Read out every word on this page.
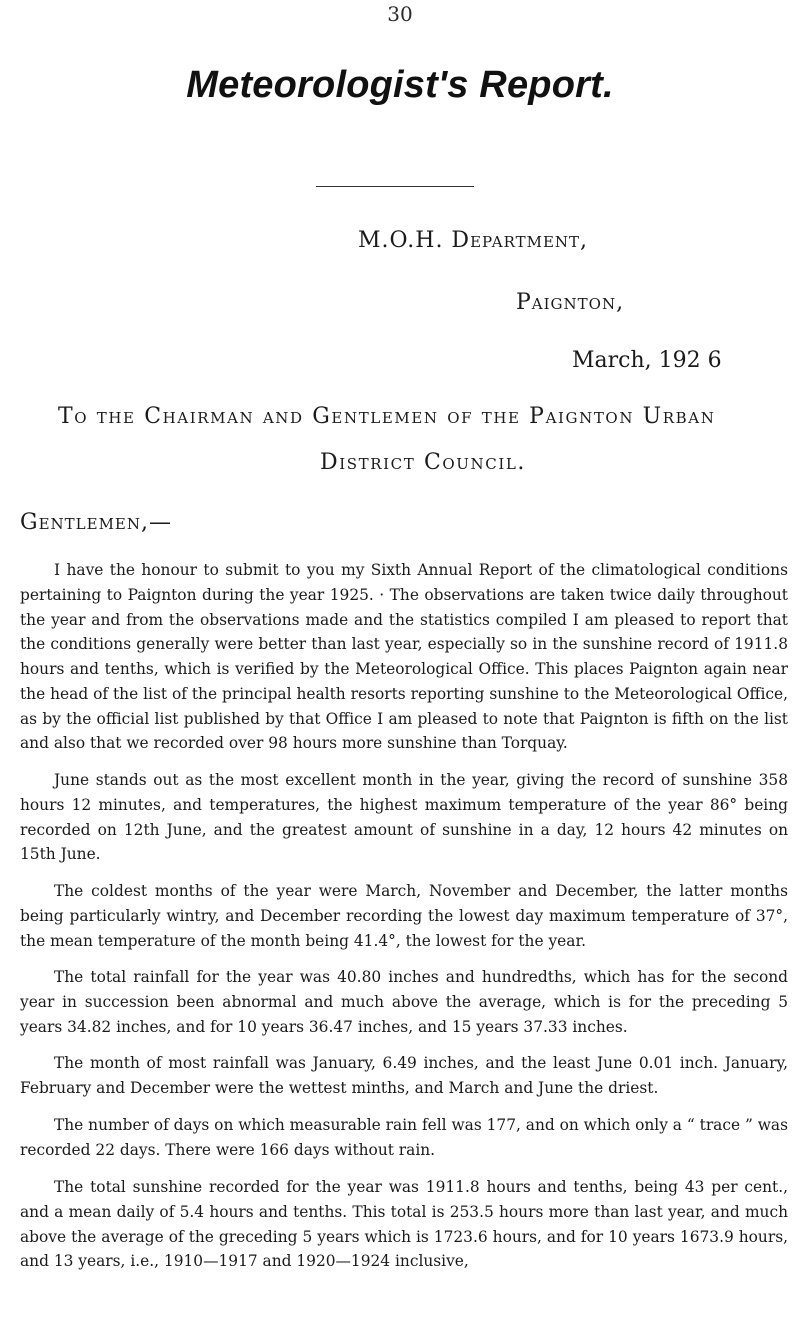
30
Meteorologist's Report.
M.O.H. Department,
Paignton,
March, 192 6
To the Chairman and Gentlemen of the Paignton Urban
District Council.
Gentlemen,—

I have the honour to submit to you my Sixth Annual Report of the climatological conditions pertaining to Paignton during the year 1925. · The observations are taken twice daily throughout the year and from the observations made and the statistics compiled I am pleased to report that the conditions generally were better than last year, especially so in the sunshine record of 1911.8 hours and tenths, which is verified by the Meteorological Office. This places Paignton again near the head of the list of the principal health resorts reporting sunshine to the Meteorological Office, as by the official list published by that Office I am pleased to note that Paignton is fifth on the list and also that we recorded over 98 hours more sunshine than Torquay.

June stands out as the most excellent month in the year, giving the record of sunshine 358 hours 12 minutes, and temperatures, the highest maximum temperature of the year 86° being recorded on 12th June, and the greatest amount of sunshine in a day, 12 hours 42 minutes on 15th June.
The coldest months of the year were March, November and December, the latter months being particularly wintry, and December recording the lowest day maximum temperature of 37°, the mean temperature of the month being 41.4°, the lowest for the year.
The total rainfall for the year was 40.80 inches and hundredths, which has for the second year in succession been abnormal and much above the average, which is for the preceding 5 years 34.82 inches, and for 10 years 36.47 inches, and 15 years 37.33 inches.
The month of most rainfall was January, 6.49 inches, and the least June 0.01 inch. January, February and December were the wettest minths, and March and June the driest.
The number of days on which measurable rain fell was 177, and on which only a “ trace ” was recorded 22 days. There were 166 days without rain.
The total sunshine recorded for the year was 1911.8 hours and tenths, being 43 per cent., and a mean daily of 5.4 hours and tenths. This total is 253.5 hours more than last year, and much above the average of the greceding 5 years which is 1723.6 hours, and for 10 years 1673.9 hours, and 13 years, i.e., 1910—1917 and 1920—1924 inclusive,
